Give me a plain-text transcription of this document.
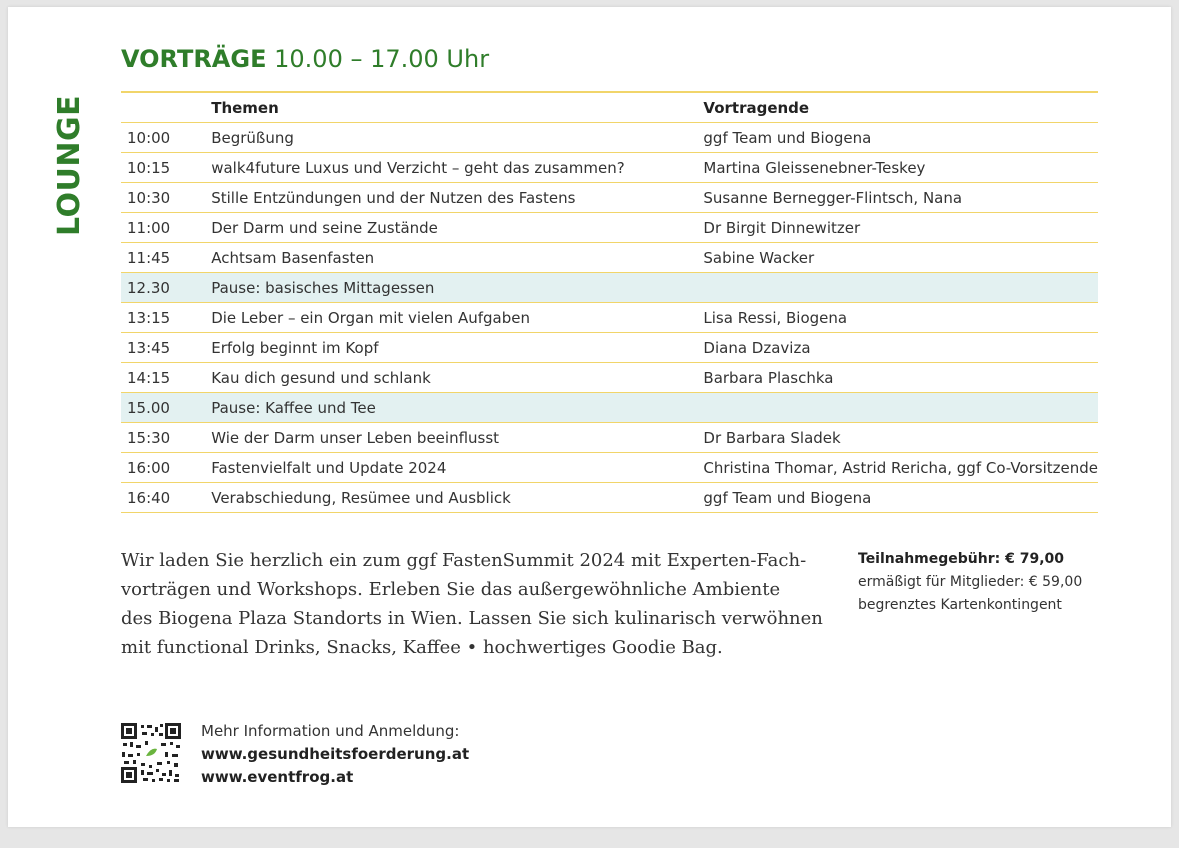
LOUNGE
VORTRÄGE 10.00 – 17.00 Uhr
	Themen	Vortragende
10:00	Begrüßung	ggf Team und Biogena
10:15	walk4future Luxus und Verzicht – geht das zusammen?	Martina Gleissenebner-Teskey
10:30	Stille Entzündungen und der Nutzen des Fastens	Susanne Bernegger-Flintsch, Nana
11:00	Der Darm und seine Zustände	Dr Birgit Dinnewitzer
11:45	Achtsam Basenfasten	Sabine Wacker
12.30	Pause: basisches Mittagessen	
13:15	Die Leber – ein Organ mit vielen Aufgaben	Lisa Ressi, Biogena
13:45	Erfolg beginnt im Kopf	Diana Dzaviza
14:15	Kau dich gesund und schlank	Barbara Plaschka
15.00	Pause: Kaffee und Tee	
15:30	Wie der Darm unser Leben beeinflusst	Dr Barbara Sladek
16:00	Fastenvielfalt und Update 2024	Christina Thomar, Astrid Rericha, ggf Co-Vorsitzende
16:40	Verabschiedung, Resümee und Ausblick	ggf Team und Biogena
Wir laden Sie herzlich ein zum ggf FastenSummit 2024 mit Experten-Fach-
vorträgen und Workshops. Erleben Sie das außergewöhnliche Ambiente
des Biogena Plaza Standorts in Wien. Lassen Sie sich kulinarisch verwöhnen
mit functional Drinks, Snacks, Kaffee • hochwertiges Goodie Bag.
Teilnahmegebühr: € 79,00
ermäßigt für Mitglieder: € 59,00
begrenztes Kartenkontingent
Mehr Information und Anmeldung:
www.gesundheitsfoerderung.at
www.eventfrog.at
